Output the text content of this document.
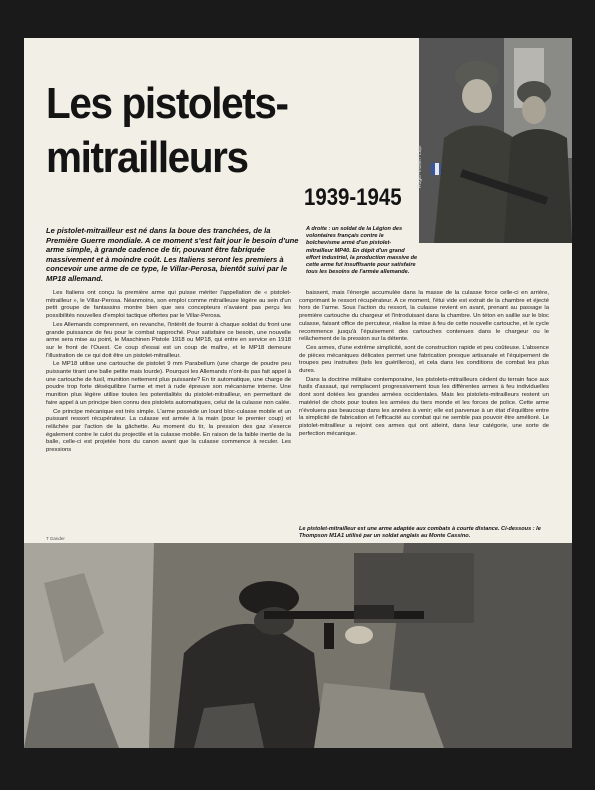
Les pistolets-
mitrailleurs
1939-1945
Roger-Viollet / Lapi

Le pistolet-mitrailleur est né dans la boue des tranchées, de la Première Guerre mondiale. A ce moment s'est fait jour le besoin d'une arme simple, à grande cadence de tir, pouvant être fabriquée massivement et à moindre coût. Les Italiens seront les premiers à concevoir une arme de ce type, le Villar-Perosa, bientôt suivi par le MP18 allemand.

A droite : un soldat de la Légion des volontaires français contre le bolchevisme armé d'un pistolet-mitrailleur MP40. En dépit d'un grand effort industriel, la production massive de cette arme fut insuffisante pour satisfaire tous les besoins de l'armée allemande.

Les Italiens ont conçu la première arme qui puisse mériter l'appellation de « pistolet-mitrailleur », le Villar-Perosa. Néanmoins, son emploi comme mitrailleuse légère au sein d'un petit groupe de fantassins montre bien que ses concepteurs n'avaient pas perçu les possibilités nouvelles d'emploi tactique offertes par le Villar-Perosa.

Les Allemands comprennent, en revanche, l'intérêt de fournir à chaque soldat du front une grande puissance de feu pour le combat rapproché. Pour satisfaire ce besoin, une nouvelle arme sera mise au point, le Maschinen Pistole 1918 ou MP18, qui entre en service en 1918 sur le front de l'Ouest. Ce coup d'essai est un coup de maître, et le MP18 demeure l'illustration de ce qui doit être un pistolet-mitrailleur.

Le MP18 utilise une cartouche de pistolet 9 mm Parabellum (une charge de poudre peu puissante tirant une balle petite mais lourde). Pourquoi les Allemands n'ont-ils pas fait appel à une cartouche de fusil, munition nettement plus puissante? En tir automatique, une charge de poudre trop forte déséquilibre l'arme et met à rude épreuve son mécanisme interne. Une munition plus légère utilise toutes les potentialités du pistolet-mitrailleur, en permettant de faire appel à un principe bien connu des pistolets automatiques, celui de la culasse non calée.

Ce principe mécanique est très simple. L'arme possède un lourd bloc-culasse mobile et un puissant ressort récupérateur. La culasse est armée à la main (pour le premier coup) et relâchée par l'action de la gâchette. Au moment du tir, la pression des gaz s'exerce également contre le culot du projectile et la culasse mobile. En raison de la faible inertie de la balle, celle-ci est projetée hors du canon avant que la culasse commence à reculer. Les pressions

baissent, mais l'énergie accumulée dans la masse de la culasse force celle-ci en arrière, comprimant le ressort récupérateur. A ce moment, l'étui vide est extrait de la chambre et éjecté hors de l'arme. Sous l'action du ressort, la culasse revient en avant, prenant au passage la première cartouche du chargeur et l'introduisant dans la chambre. Un téton en saillie sur le bloc culasse, faisant office de percuteur, réalise la mise à feu de cette nouvelle cartouche, et le cycle recommence jusqu'à l'épuisement des cartouches contenues dans le chargeur ou le relâchement de la pression sur la détente.

Ces armes, d'une extrême simplicité, sont de construction rapide et peu coûteuse. L'absence de pièces mécaniques délicates permet une fabrication presque artisanale et l'équipement de troupes peu instruites (tels les guérilleros), et cela dans les conditions de combat les plus dures.

Dans la doctrine militaire contemporaine, les pistolets-mitrailleurs cèdent du terrain face aux fusils d'assaut, qui remplacent progressivement tous les différentes armes à feu individuelles dont sont dotées les grandes armées occidentales. Mais les pistolets-mitrailleurs restent un matériel de choix pour toutes les armées du tiers monde et les forces de police. Cette arme n'évoluera pas beaucoup dans les années à venir; elle est parvenue à un état d'équilibre entre la simplicité de fabrication et l'efficacité au combat qui ne semble pas pouvoir être amélioré. Le pistolet-mitrailleur a rejoint ces armes qui ont atteint, dans leur catégorie, une sorte de perfection mécanique.

Le pistolet-mitrailleur est une arme adaptée aux combats à courte distance. Ci-dessous : le Thompson M1A1 utilisé par un soldat anglais au Monte Cassino.

T Gander
